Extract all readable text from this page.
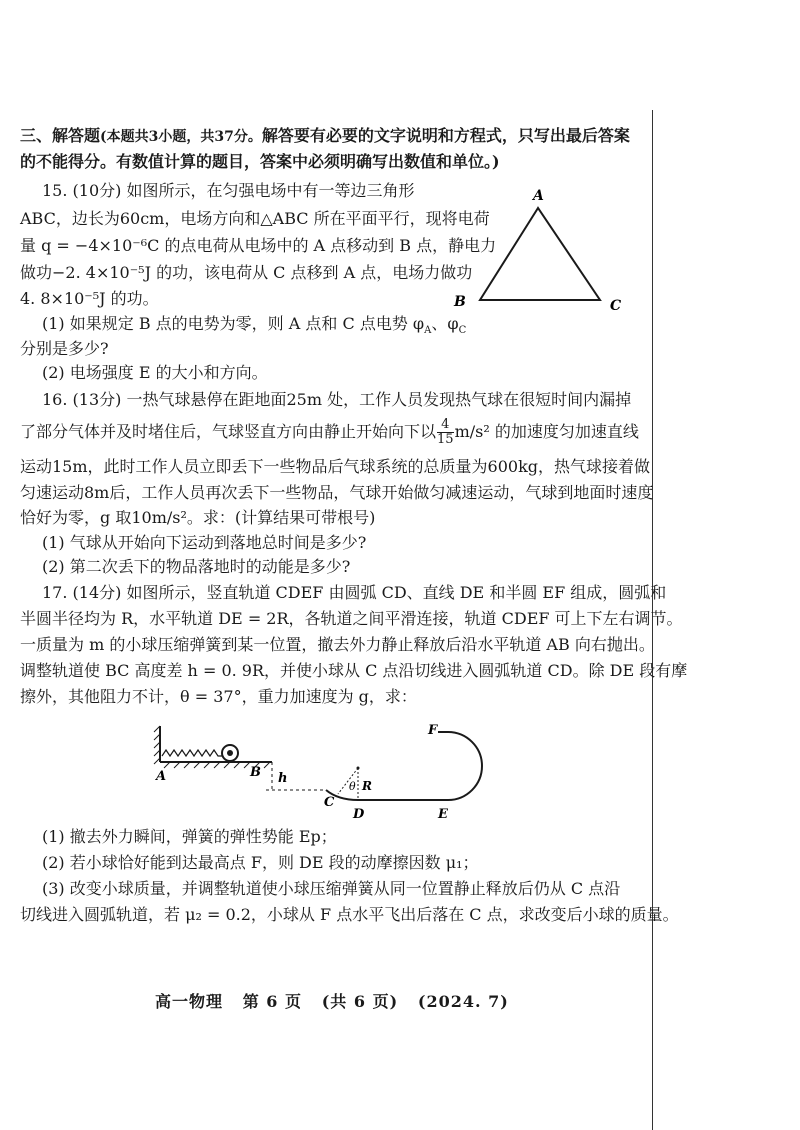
三、解答题(本题共3小题，共37分。解答要有必要的文字说明和方程式，只写出最后答案
的不能得分。有数值计算的题目，答案中必须明确写出数值和单位。)
15. (10分) 如图所示，在匀强电场中有一等边三角形
ABC，边长为60cm，电场方向和△ABC 所在平面平行，现将电荷
量 q = −4×10⁻⁶C 的点电荷从电场中的 A 点移动到 B 点，静电力
做功−2. 4×10⁻⁵J 的功，该电荷从 C 点移到 A 点，电场力做功
4. 8×10⁻⁵J 的功。
(1) 如果规定 B 点的电势为零，则 A 点和 C 点电势 $\varphi_A$、$\varphi_C$
分别是多少?
(2) 电场强度 E 的大小和方向。
A
B	C
16. (13分) 一热气球悬停在距地面25m 处，工作人员发现热气球在很短时间内漏掉
了部分气体并及时堵住后，气球竖直方向由静止开始向下以 $\frac{4}{15} m/s^2$ 的加速度匀加速直线
运动15m，此时工作人员立即丢下一些物品后气球系统的总质量为600kg，热气球接着做
匀速运动8m后，工作人员再次丢下一些物品，气球开始做匀减速运动，气球到地面时速度
恰好为零，g 取10m/s²。求：(计算结果可带根号)
(1) 气球从开始向下运动到落地总时间是多少?
(2) 第二次丢下的物品落地时的动能是多少?
17. (14分) 如图所示，竖直轨道 CDEF 由圆弧 CD、直线 DE 和半圆 EF 组成，圆弧和
半圆半径均为 R，水平轨道 DE = 2R，各轨道之间平滑连接，轨道 CDEF 可上下左右调节。
一质量为 m 的小球压缩弹簧到某一位置，撤去外力静止释放后沿水平轨道 AB 向右抛出。
调整轨道使 BC 高度差 h = 0. 9R，并使小球从 C 点沿切线进入圆弧轨道 CD。除 DE 段有摩
擦外，其他阻力不计，θ = 37°，重力加速度为 g，求：
A	B h
C
θ R
D	E
F
(1) 撤去外力瞬间，弹簧的弹性势能 Ep；
(2) 若小球恰好能到达最高点 F，则 DE 段的动摩擦因数 μ₁；
(3) 改变小球质量，并调整轨道使小球压缩弹簧从同一位置静止释放后仍从 C 点沿
切线进入圆弧轨道，若 μ₂ = 0.2，小球从 F 点水平飞出后落在 C 点，求改变后小球的质量。
高一物理 第 6 页 (共 6 页) (2024. 7)
